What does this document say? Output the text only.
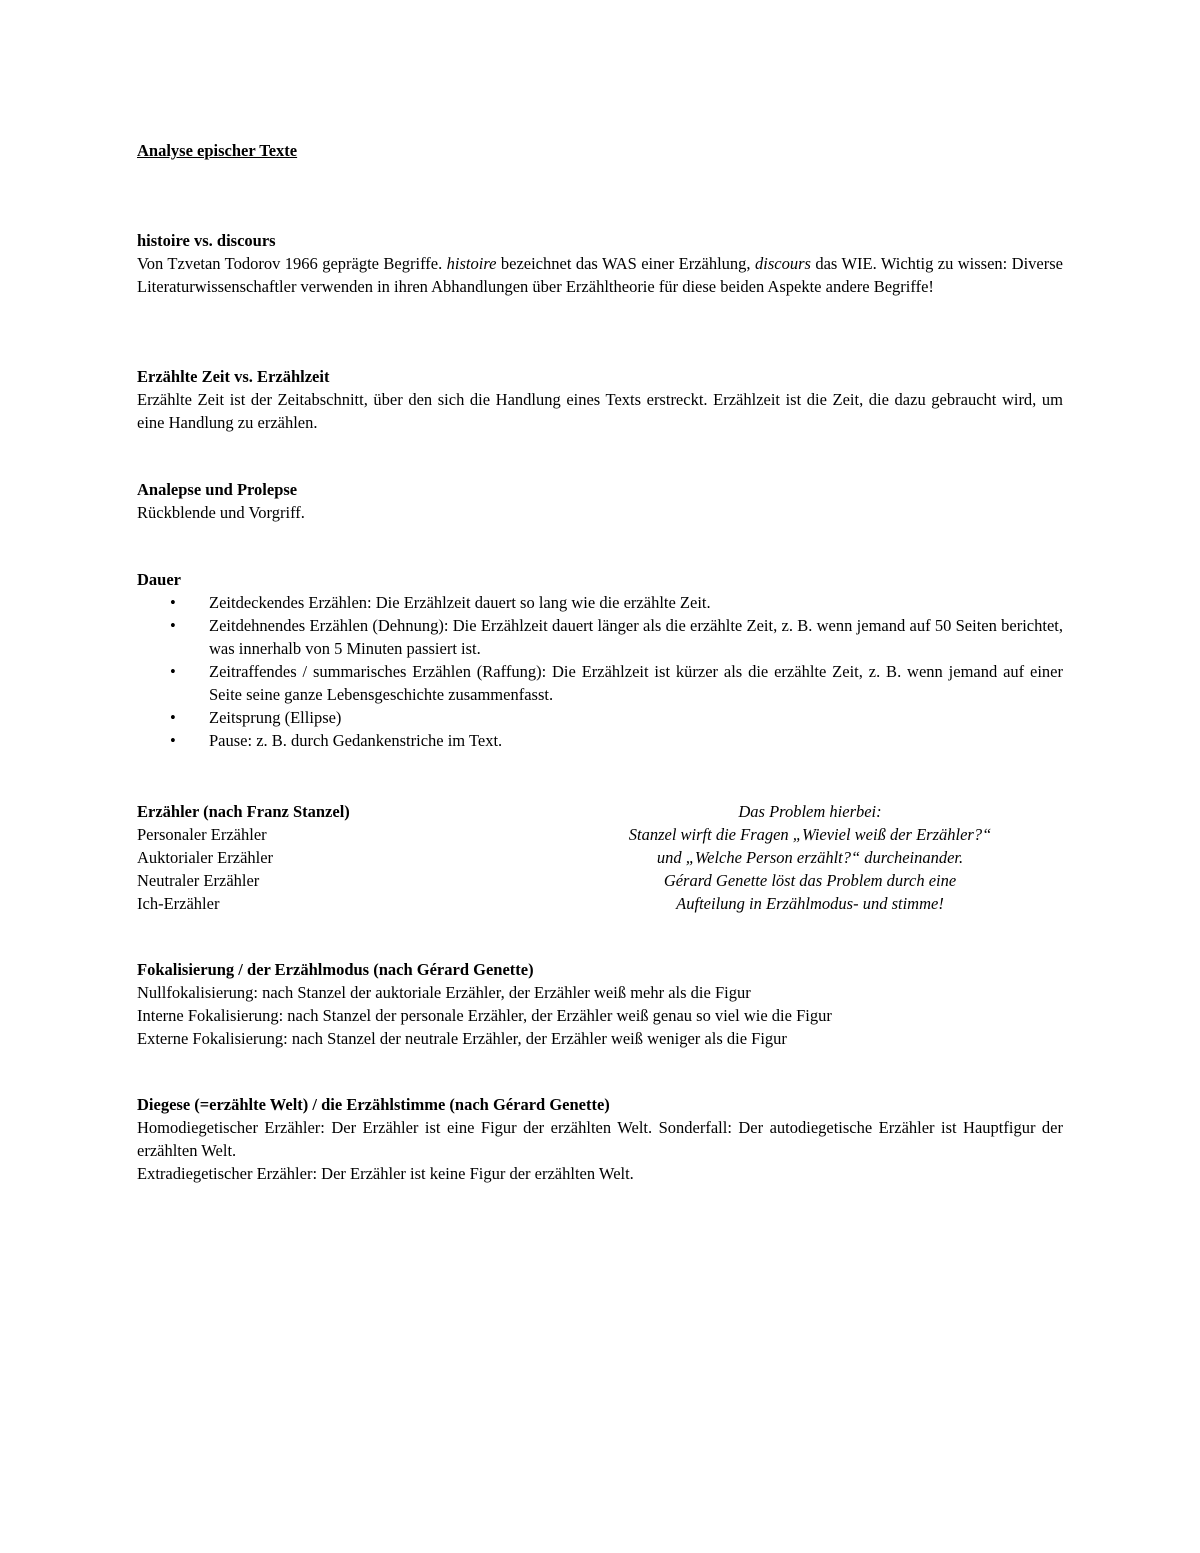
Analyse epischer Texte
histoire vs. discours

Von Tzvetan Todorov 1966 geprägte Begriffe. histoire bezeichnet das WAS einer Erzählung, discours das WIE. Wichtig zu wissen: Diverse Literaturwissenschaftler verwenden in ihren Abhandlungen über Erzähltheorie für diese beiden Aspekte andere Begriffe!

Erzählte Zeit vs. Erzählzeit

Erzählte Zeit ist der Zeitabschnitt, über den sich die Handlung eines Texts erstreckt. Erzählzeit ist die Zeit, die dazu gebraucht wird, um eine Handlung zu erzählen.

Analepse und Prolepse

Rückblende und Vorgriff.

Dauer
• Zeitdeckendes Erzählen: Die Erzählzeit dauert so lang wie die erzählte Zeit.
• Zeitdehnendes Erzählen (Dehnung): Die Erzählzeit dauert länger als die erzählte Zeit, z. B. wenn jemand auf 50 Seiten berichtet, was innerhalb von 5 Minuten passiert ist.
• Zeitraffendes / summarisches Erzählen (Raffung): Die Erzählzeit ist kürzer als die erzählte Zeit, z. B. wenn jemand auf einer Seite seine ganze Lebensgeschichte zusammenfasst.
• Zeitsprung (Ellipse)
• Pause: z. B. durch Gedankenstriche im Text.
Erzähler (nach Franz Stanzel)
Personaler Erzähler
Auktorialer Erzähler
Neutraler Erzähler
Ich-Erzähler
Das Problem hierbei:
Stanzel wirft die Fragen „Wieviel weiß der Erzähler?“
und „Welche Person erzählt?“ durcheinander.
Gérard Genette löst das Problem durch eine
Aufteilung in Erzählmodus- und stimme!
Fokalisierung / der Erzählmodus (nach Gérard Genette)

Nullfokalisierung: nach Stanzel der auktoriale Erzähler, der Erzähler weiß mehr als die Figur

Interne Fokalisierung: nach Stanzel der personale Erzähler, der Erzähler weiß genau so viel wie die Figur

Externe Fokalisierung: nach Stanzel der neutrale Erzähler, der Erzähler weiß weniger als die Figur

Diegese (=erzählte Welt) / die Erzählstimme (nach Gérard Genette)

Homodiegetischer Erzähler: Der Erzähler ist eine Figur der erzählten Welt. Sonderfall: Der autodiegetische Erzähler ist Hauptfigur der erzählten Welt.

Extradiegetischer Erzähler: Der Erzähler ist keine Figur der erzählten Welt.
